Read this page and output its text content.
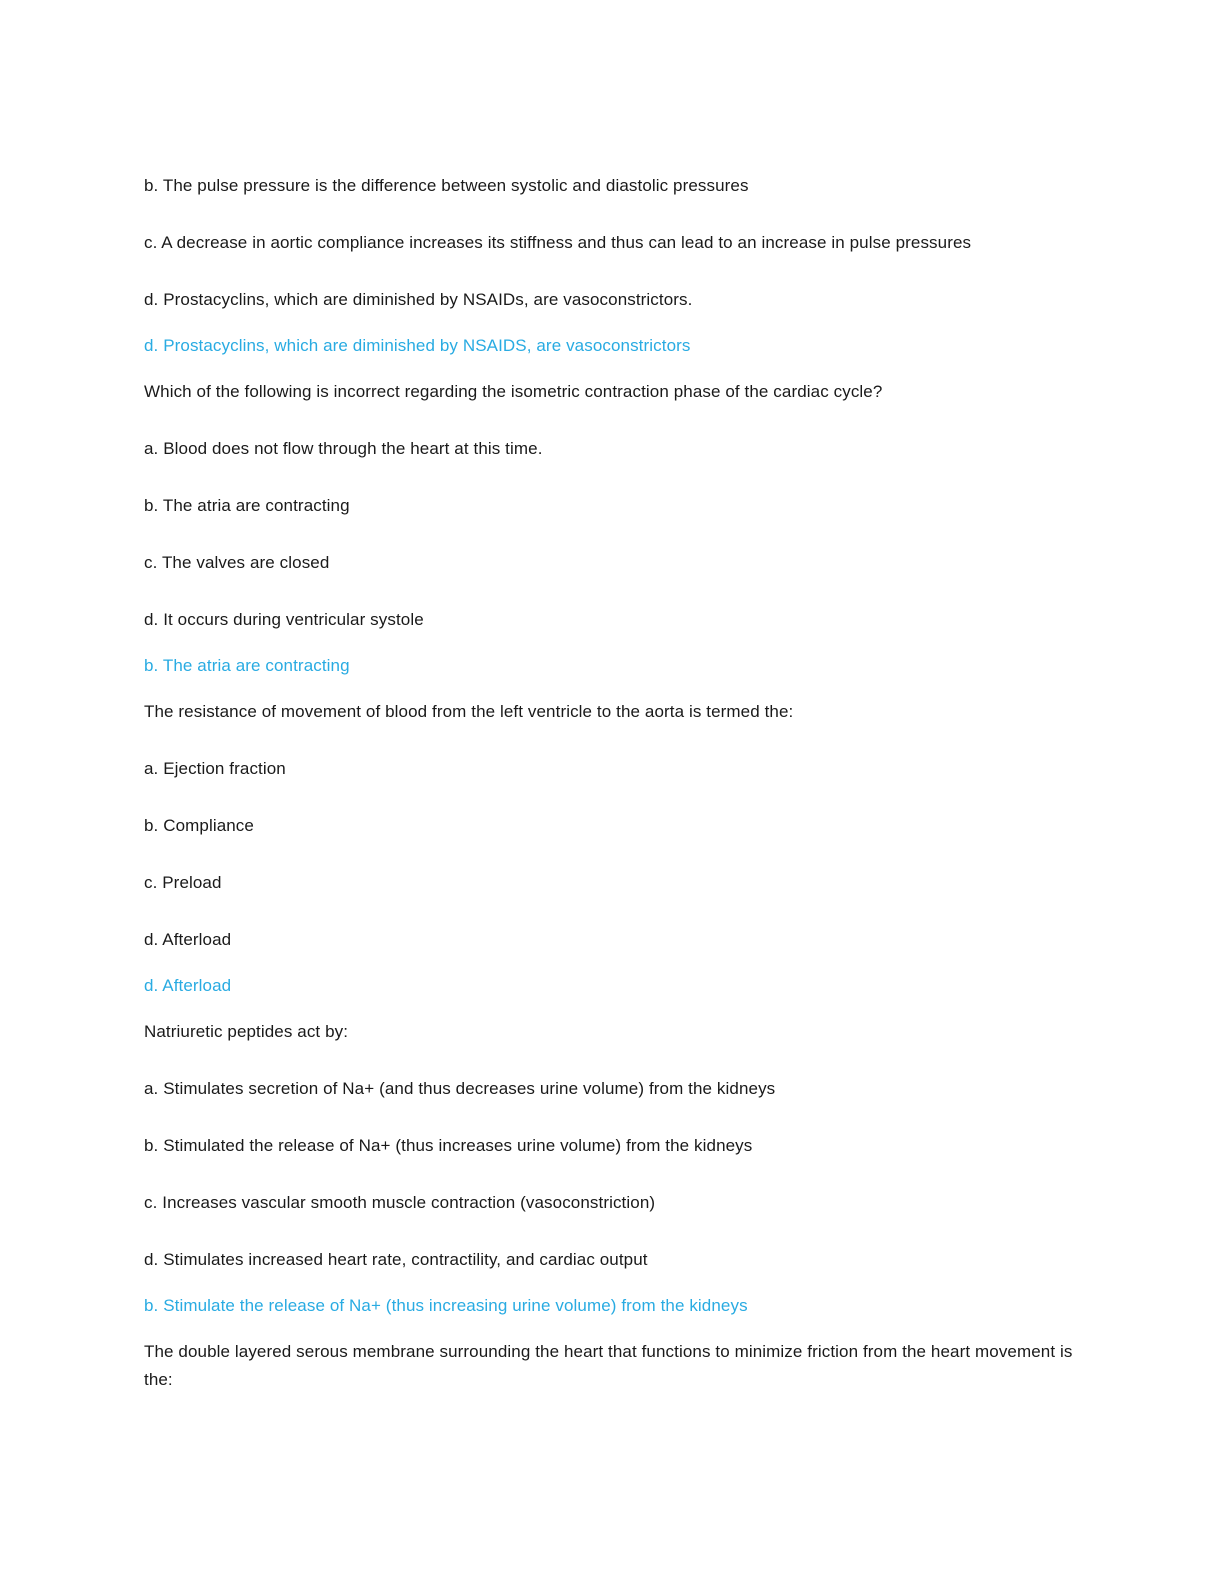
b. The pulse pressure is the difference between systolic and diastolic pressures

c. A decrease in aortic compliance increases its stiffness and thus can lead to an increase in pulse pressures

d. Prostacyclins, which are diminished by NSAIDs, are vasoconstrictors.

d. Prostacyclins, which are diminished by NSAIDS, are vasoconstrictors

Which of the following is incorrect regarding the isometric contraction phase of the cardiac cycle?

a. Blood does not flow through the heart at this time.

b. The atria are contracting

c. The valves are closed

d. It occurs during ventricular systole

b. The atria are contracting

The resistance of movement of blood from the left ventricle to the aorta is termed the:

a. Ejection fraction

b. Compliance

c. Preload

d. Afterload

d. Afterload

Natriuretic peptides act by:

a. Stimulates secretion of Na+ (and thus decreases urine volume) from the kidneys

b. Stimulated the release of Na+ (thus increases urine volume) from the kidneys

c. Increases vascular smooth muscle contraction (vasoconstriction)

d. Stimulates increased heart rate, contractility, and cardiac output

b. Stimulate the release of Na+ (thus increasing urine volume) from the kidneys

The double layered serous membrane surrounding the heart that functions to minimize friction from the heart movement is the:
